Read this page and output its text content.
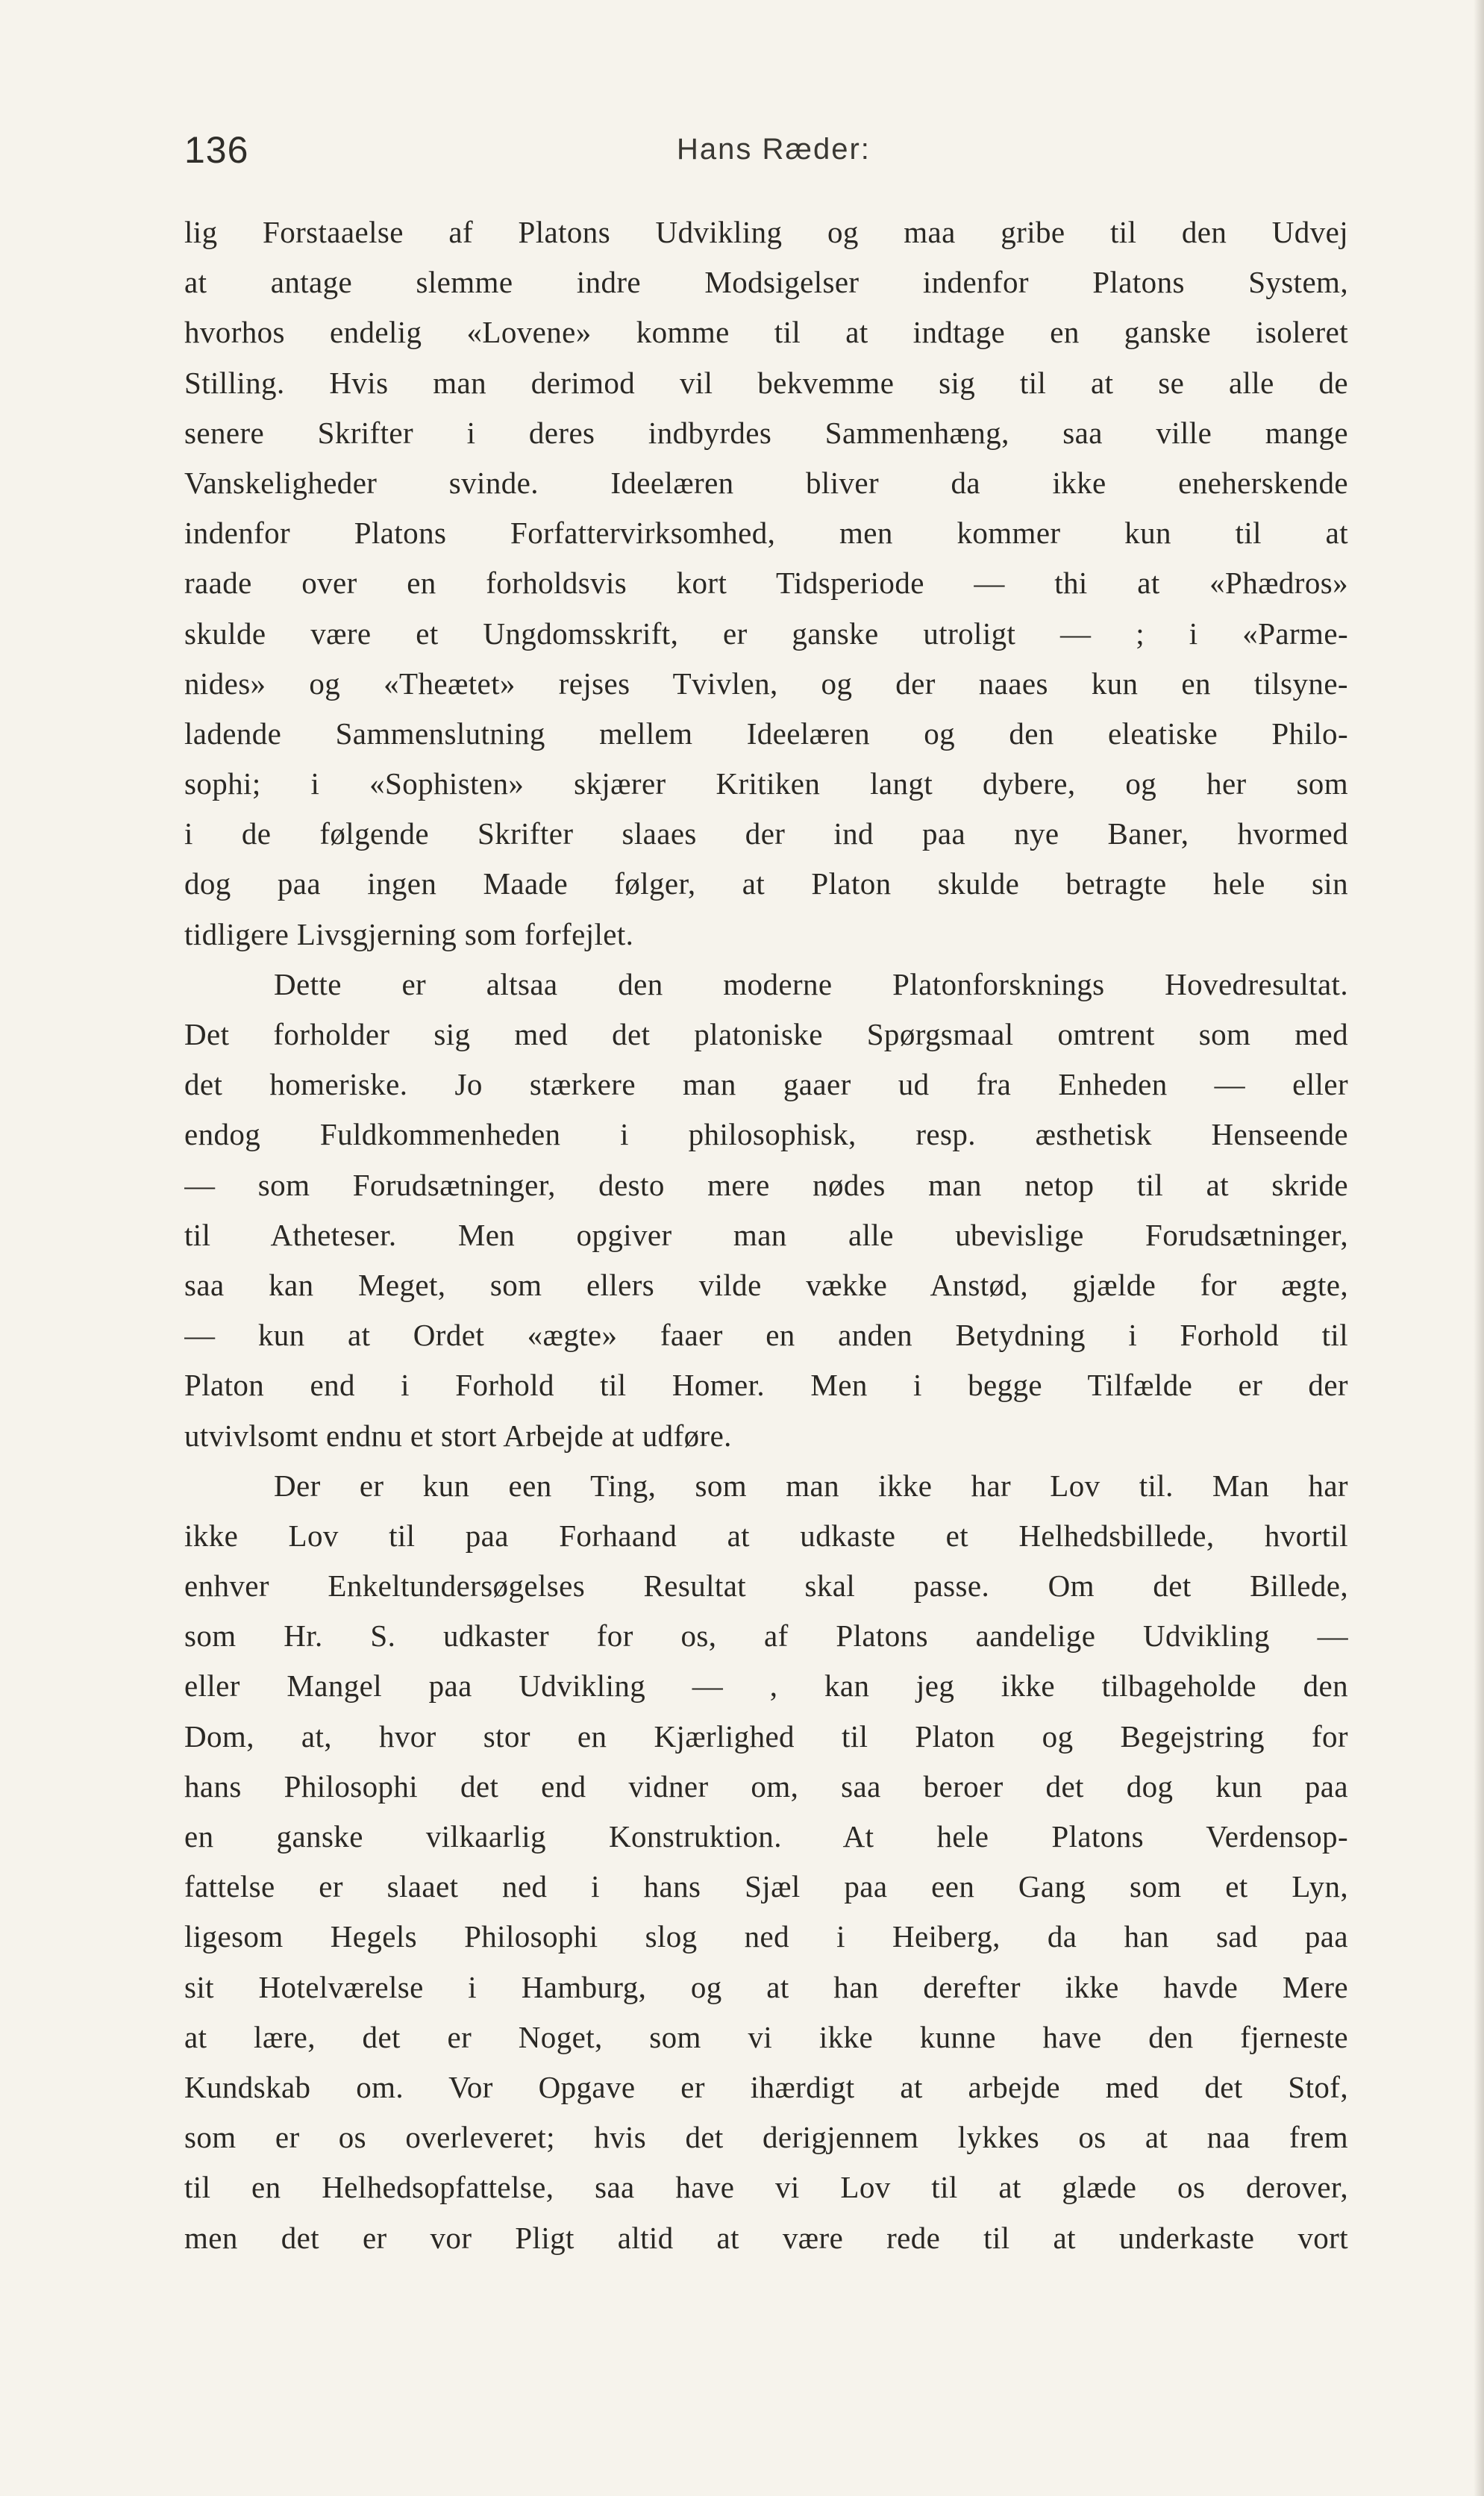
136	Hans Ræder:
lig Forstaaelse af Platons Udvikling og maa gribe til den Udvej
at antage slemme indre Modsigelser indenfor Platons System,
hvorhos endelig «Lovene» komme til at indtage en ganske isoleret
Stilling. Hvis man derimod vil bekvemme sig til at se alle de
senere Skrifter i deres indbyrdes Sammenhæng, saa ville mange
Vanskeligheder svinde. Ideelæren bliver da ikke eneherskende
indenfor Platons Forfattervirksomhed, men kommer kun til at
raade over en forholdsvis kort Tidsperiode — thi at «Phædros»
skulde være et Ungdomsskrift, er ganske utroligt — ; i «Parme-
nides» og «Theætet» rejses Tvivlen, og der naaes kun en tilsyne-
ladende Sammenslutning mellem Ideelæren og den eleatiske Philo-
sophi; i «Sophisten» skjærer Kritiken langt dybere, og her som
i de følgende Skrifter slaaes der ind paa nye Baner, hvormed
dog paa ingen Maade følger, at Platon skulde betragte hele sin
tidligere Livsgjerning som forfejlet.
Dette er altsaa den moderne Platonforsknings Hovedresultat.
Det forholder sig med det platoniske Spørgsmaal omtrent som med
det homeriske. Jo stærkere man gaaer ud fra Enheden — eller
endog Fuldkommenheden i philosophisk, resp. æsthetisk Henseende
— som Forudsætninger, desto mere nødes man netop til at skride
til Atheteser. Men opgiver man alle ubevislige Forudsætninger,
saa kan Meget, som ellers vilde vække Anstød, gjælde for ægte,
— kun at Ordet «ægte» faaer en anden Betydning i Forhold til
Platon end i Forhold til Homer. Men i begge Tilfælde er der
utvivlsomt endnu et stort Arbejde at udføre.
Der er kun een Ting, som man ikke har Lov til. Man har
ikke Lov til paa Forhaand at udkaste et Helhedsbillede, hvortil
enhver Enkeltundersøgelses Resultat skal passe. Om det Billede,
som Hr. S. udkaster for os, af Platons aandelige Udvikling —
eller Mangel paa Udvikling — , kan jeg ikke tilbageholde den
Dom, at, hvor stor en Kjærlighed til Platon og Begejstring for
hans Philosophi det end vidner om, saa beroer det dog kun paa
en ganske vilkaarlig Konstruktion. At hele Platons Verdensop-
fattelse er slaaet ned i hans Sjæl paa een Gang som et Lyn,
ligesom Hegels Philosophi slog ned i Heiberg, da han sad paa
sit Hotelværelse i Hamburg, og at han derefter ikke havde Mere
at lære, det er Noget, som vi ikke kunne have den fjerneste
Kundskab om. Vor Opgave er ihærdigt at arbejde med det Stof,
som er os overleveret; hvis det derigjennem lykkes os at naa frem
til en Helhedsopfattelse, saa have vi Lov til at glæde os derover,
men det er vor Pligt altid at være rede til at underkaste vort
